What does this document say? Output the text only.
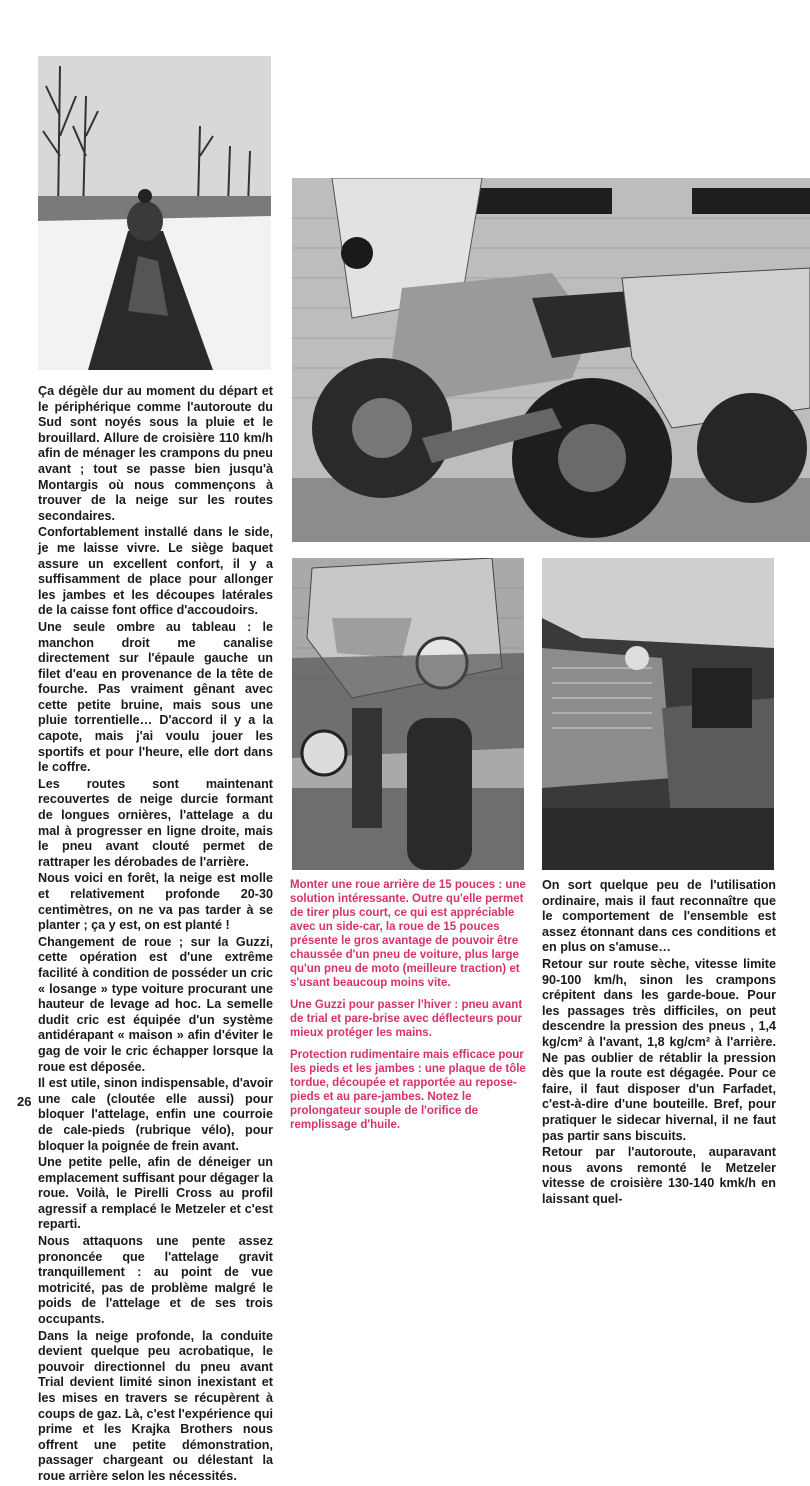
Ça dégèle dur au moment du départ et le périphérique comme l'autoroute du Sud sont noyés sous la pluie et le brouillard. Allure de croisière 110 km/h afin de ménager les crampons du pneu avant ; tout se passe bien jusqu'à Montargis où nous commençons à trouver de la neige sur les routes secondaires.

Confortablement installé dans le side, je me laisse vivre. Le siège baquet assure un excellent confort, il y a suffisamment de place pour allonger les jambes et les découpes latérales de la caisse font office d'accoudoirs.

Une seule ombre au tableau : le manchon droit me canalise directement sur l'épaule gauche un filet d'eau en provenance de la tête de fourche. Pas vraiment gênant avec cette petite bruine, mais sous une pluie torrentielle… D'accord il y a la capote, mais j'ai voulu jouer les sportifs et pour l'heure, elle dort dans le coffre.

Les routes sont maintenant recouvertes de neige durcie formant de longues ornières, l'attelage a du mal à progresser en ligne droite, mais le pneu avant clouté permet de rattraper les dérobades de l'arrière.

Nous voici en forêt, la neige est molle et relativement profonde 20-30 centimètres, on ne va pas tarder à se planter ; ça y est, on est planté !

Changement de roue ; sur la Guzzi, cette opération est d'une extrême facilité à condition de posséder un cric « losange » type voiture procurant une hauteur de levage ad hoc. La semelle dudit cric est équipée d'un système antidérapant « maison » afin d'éviter le gag de voir le cric échapper lorsque la roue est déposée.

Il est utile, sinon indispensable, d'avoir une cale (cloutée elle aussi) pour bloquer l'attelage, enfin une courroie de cale-pieds (rubrique vélo), pour bloquer la poignée de frein avant.

Une petite pelle, afin de déneiger un emplacement suffisant pour dégager la roue. Voilà, le Pirelli Cross au profil agressif a remplacé le Metzeler et c'est reparti.

Nous attaquons une pente assez prononcée que l'attelage gravit tranquillement : au point de vue motricité, pas de problème malgré le poids de l'attelage et de ses trois occupants.

Dans la neige profonde, la conduite devient quelque peu acrobatique, le pouvoir directionnel du pneu avant Trial devient limité sinon inexistant et les mises en travers se récupèrent à coups de gaz. Là, c'est l'expérience qui prime et les Krajka Brothers nous offrent une petite démonstration, passager chargeant ou délestant la roue arrière selon les nécessités.

Monter une roue arrière de 15 pouces : une solution intéressante. Outre qu'elle permet de tirer plus court, ce qui est appréciable avec un side-car, la roue de 15 pouces présente le gros avantage de pouvoir être chaussée d'un pneu de voiture, plus large qu'un pneu de moto (meilleure traction) et s'usant beaucoup moins vite.

Une Guzzi pour passer l'hiver : pneu avant de trial et pare-brise avec déflecteurs pour mieux protéger les mains.

Protection rudimentaire mais efficace pour les pieds et les jambes : une plaque de tôle tordue, découpée et rapportée au repose-pieds et au pare-jambes. Notez le prolongateur souple de l'orifice de remplissage d'huile.

On sort quelque peu de l'utilisation ordinaire, mais il faut reconnaître que le comportement de l'ensemble est assez étonnant dans ces conditions et en plus on s'amuse…

Retour sur route sèche, vitesse limite 90-100 km/h, sinon les crampons crépitent dans les garde-boue. Pour les passages très difficiles, on peut descendre la pression des pneus , 1,4 kg/cm² à l'avant, 1,8 kg/cm² à l'arrière. Ne pas oublier de rétablir la pression dès que la route est dégagée. Pour ce faire, il faut disposer d'un Farfadet, c'est-à-dire d'une bouteille. Bref, pour pratiquer le sidecar hivernal, il ne faut pas partir sans biscuits.

Retour par l'autoroute, auparavant nous avons remonté le Metzeler vitesse de croisière 130-140 kmk/h en laissant quel-

26
